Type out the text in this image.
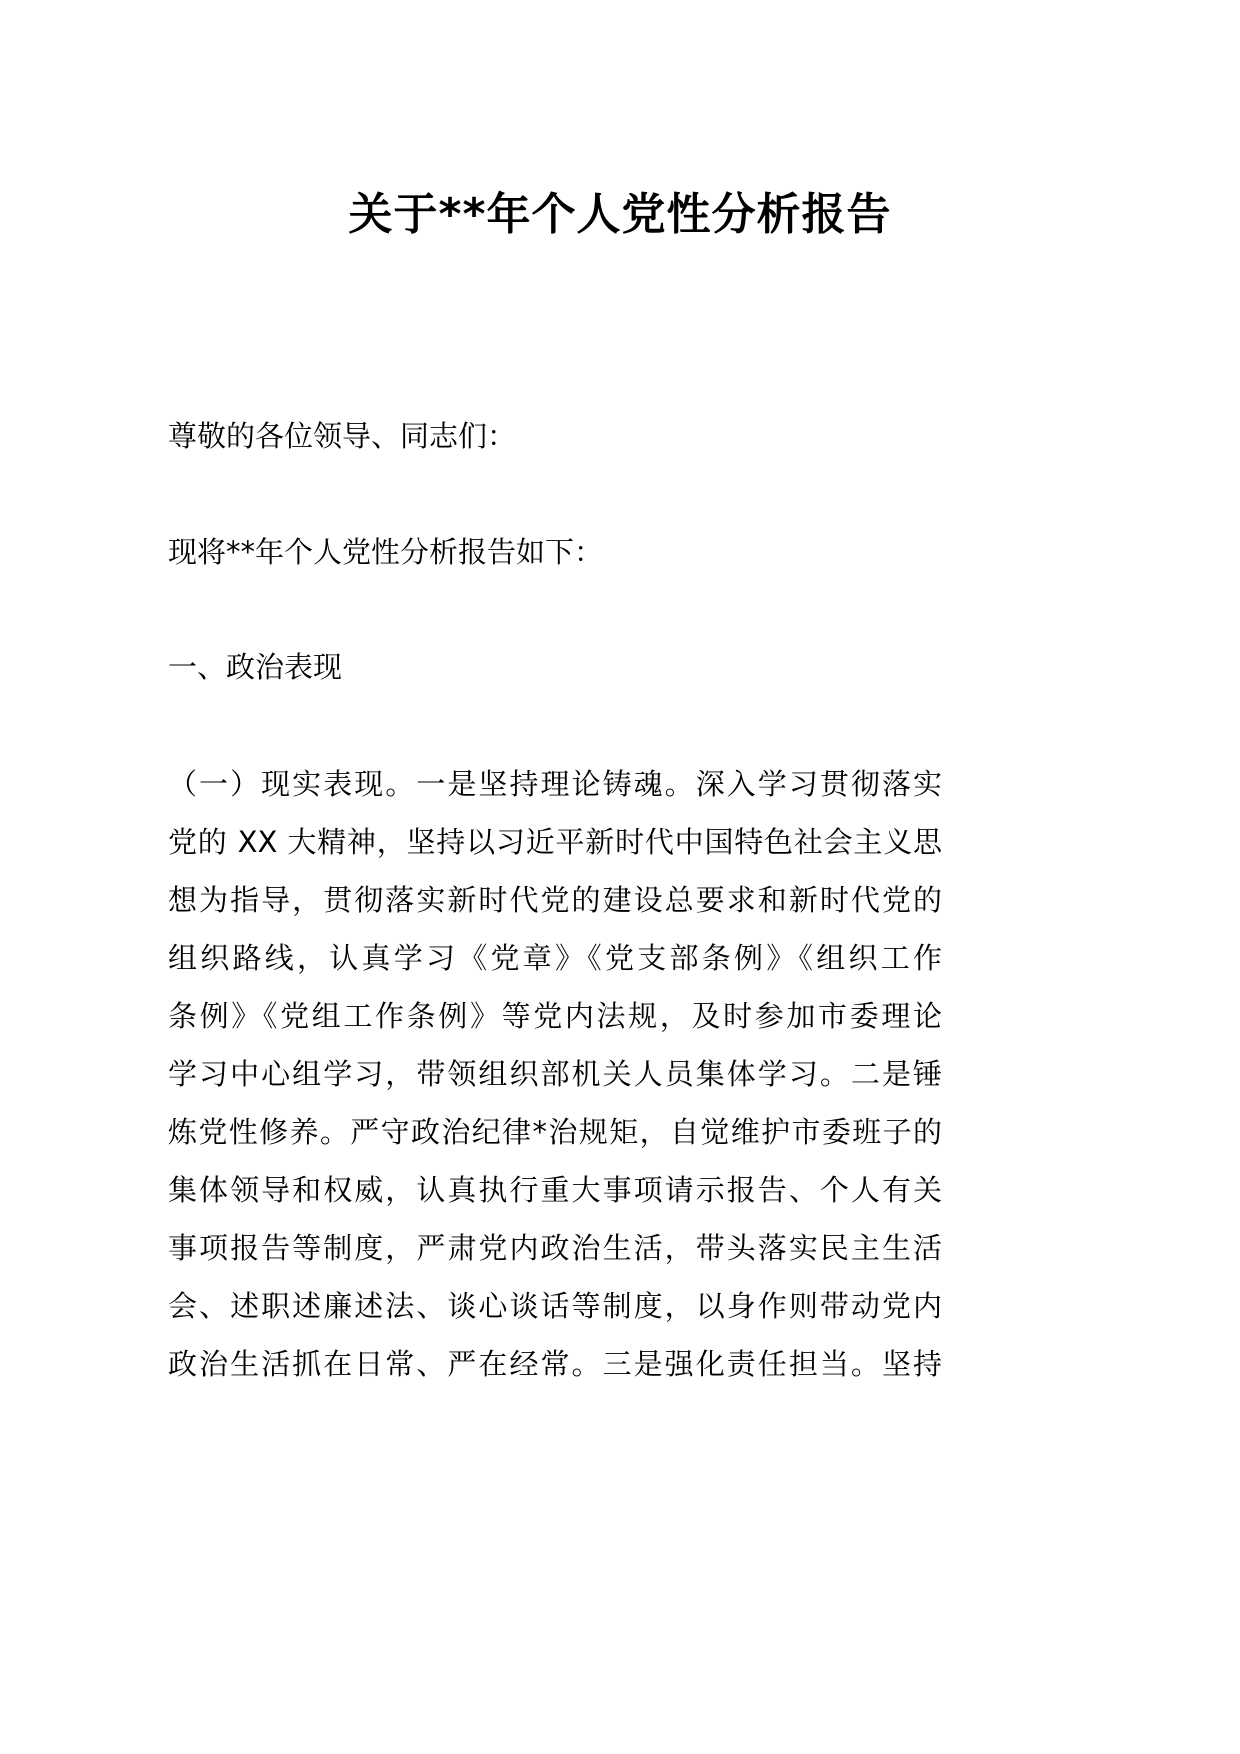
关于**年个人党性分析报告
尊敬的各位领导、同志们：
现将**年个人党性分析报告如下：
一、政治表现
（一）现实表现。一是坚持理论铸魂。深入学习贯彻落实
党的 XX 大精神，坚持以习近平新时代中国特色社会主义思
想为指导，贯彻落实新时代党的建设总要求和新时代党的
组织路线，认真学习《党章》《党支部条例》《组织工作
条例》《党组工作条例》等党内法规，及时参加市委理论
学习中心组学习，带领组织部机关人员集体学习。二是锤
炼党性修养。严守政治纪律*治规矩，自觉维护市委班子的
集体领导和权威，认真执行重大事项请示报告、个人有关
事项报告等制度，严肃党内政治生活，带头落实民主生活
会、述职述廉述法、谈心谈话等制度，以身作则带动党内
政治生活抓在日常、严在经常。三是强化责任担当。坚持
